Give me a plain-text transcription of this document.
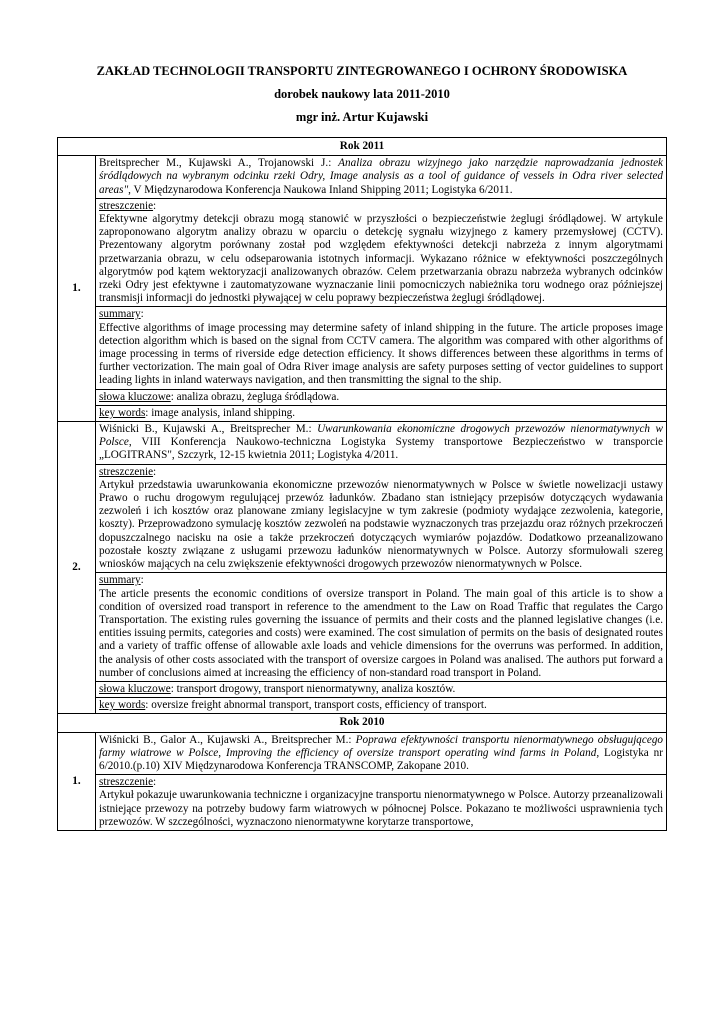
ZAKŁAD TECHNOLOGII TRANSPORTU ZINTEGROWANEGO I OCHRONY ŚRODOWISKA
dorobek naukowy lata 2011-2010
mgr inż. Artur Kujawski
Rok 2011	
1.	Breitsprecher M., Kujawski A., Trojanowski J.: Analiza obrazu wizyjnego jako narzędzie naprowadzania jednostek śródlądowych na wybranym odcinku rzeki Odry, Image analysis as a tool of guidance of vessels in Odra river selected areas", V Międzynarodowa Konferencja Naukowa Inland Shipping 2011; Logistyka 6/2011.
	streszczenie:
Efektywne algorytmy detekcji obrazu mogą stanowić w przyszłości o bezpieczeństwie żeglugi śródlądowej. W artykule zaproponowano algorytm analizy obrazu w oparciu o detekcję sygnału wizyjnego z kamery przemysłowej (CCTV). Prezentowany algorytm porównany został pod względem efektywności detekcji nabrzeża z innym algorytmami przetwarzania obrazu, w celu odseparowania istotnych informacji. Wykazano różnice w efektywności poszczególnych algorytmów pod kątem wektoryzacji analizowanych obrazów. Celem przetwarzania obrazu nabrzeża wybranych odcinków rzeki Odry jest efektywne i zautomatyzowane wyznaczanie linii pomocniczych nabieżnika toru wodnego oraz późniejszej transmisji informacji do jednostki pływającej w celu poprawy bezpieczeństwa żeglugi śródlądowej.
	summary:
Effective algorithms of image processing may determine safety of inland shipping in the future. The article proposes image detection algorithm which is based on the signal from CCTV camera. The algorithm was compared with other algorithms of image processing in terms of riverside edge detection efficiency. It shows differences between these algorithms in terms of further vectorization. The main goal of Odra River image analysis are safety purposes setting of vector guidelines to support leading lights in inland waterways navigation, and then transmitting the signal to the ship.
	słowa kluczowe: analiza obrazu, żegluga śródlądowa.
	key words: image analysis, inland shipping.
2.	Wiśnicki B., Kujawski A., Breitsprecher M.: Uwarunkowania ekonomiczne drogowych przewozów nienormatywnych w Polsce, VIII Konferencja Naukowo-techniczna Logistyka Systemy transportowe Bezpieczeństwo w transporcie „LOGITRANS", Szczyrk, 12-15 kwietnia 2011; Logistyka 4/2011.
	streszczenie:
Artykuł przedstawia uwarunkowania ekonomiczne przewozów nienormatywnych w Polsce w świetle nowelizacji ustawy Prawo o ruchu drogowym regulującej przewóz ładunków. Zbadano stan istniejący przepisów dotyczących wydawania zezwoleń i ich kosztów oraz planowane zmiany legislacyjne w tym zakresie (podmioty wydające zezwolenia, kategorie, koszty). Przeprowadzono symulację kosztów zezwoleń na podstawie wyznaczonych tras przejazdu oraz różnych przekroczeń dopuszczalnego nacisku na osie a także przekroczeń dotyczących wymiarów pojazdów. Dodatkowo przeanalizowano pozostałe koszty związane z usługami przewozu ładunków nienormatywnych w Polsce. Autorzy sformułowali szereg wniosków mających na celu zwiększenie efektywności drogowych przewozów nienormatywnych w Polsce.
	summary:
The article presents the economic conditions of oversize transport in Poland. The main goal of this article is to show a condition of oversized road transport in reference to the amendment to the Law on Road Traffic that regulates the Cargo Transportation. The existing rules governing the issuance of permits and their costs and the planned legislative changes (i.e. entities issuing permits, categories and costs) were examined. The cost simulation of permits on the basis of designated routes and a variety of traffic offense of allowable axle loads and vehicle dimensions for the overruns was performed. In addition, the analysis of other costs associated with the transport of oversize cargoes in Poland was analised. The authors put forward a number of conclusions aimed at increasing the efficiency of non-standard road transport in Poland.
	słowa kluczowe: transport drogowy, transport nienormatywny, analiza kosztów.
	key words: oversize freight abnormal transport, transport costs, efficiency of transport.
Rok 2010	
1.	Wiśnicki B., Galor A., Kujawski A., Breitsprecher M.: Poprawa efektywności transportu nienormatywnego obsługującego farmy wiatrowe w Polsce, Improving the efficiency of oversize transport operating wind farms in Poland, Logistyka nr 6/2010.(p.10) XIV Międzynarodowa Konferencja TRANSCOMP, Zakopane 2010.
	streszczenie:
Artykuł pokazuje uwarunkowania techniczne i organizacyjne transportu nienormatywnego w Polsce. Autorzy przeanalizowali istniejące przewozy na potrzeby budowy farm wiatrowych w północnej Polsce. Pokazano te możliwości usprawnienia tych przewozów. W szczególności, wyznaczono nienormatywne korytarze transportowe,
